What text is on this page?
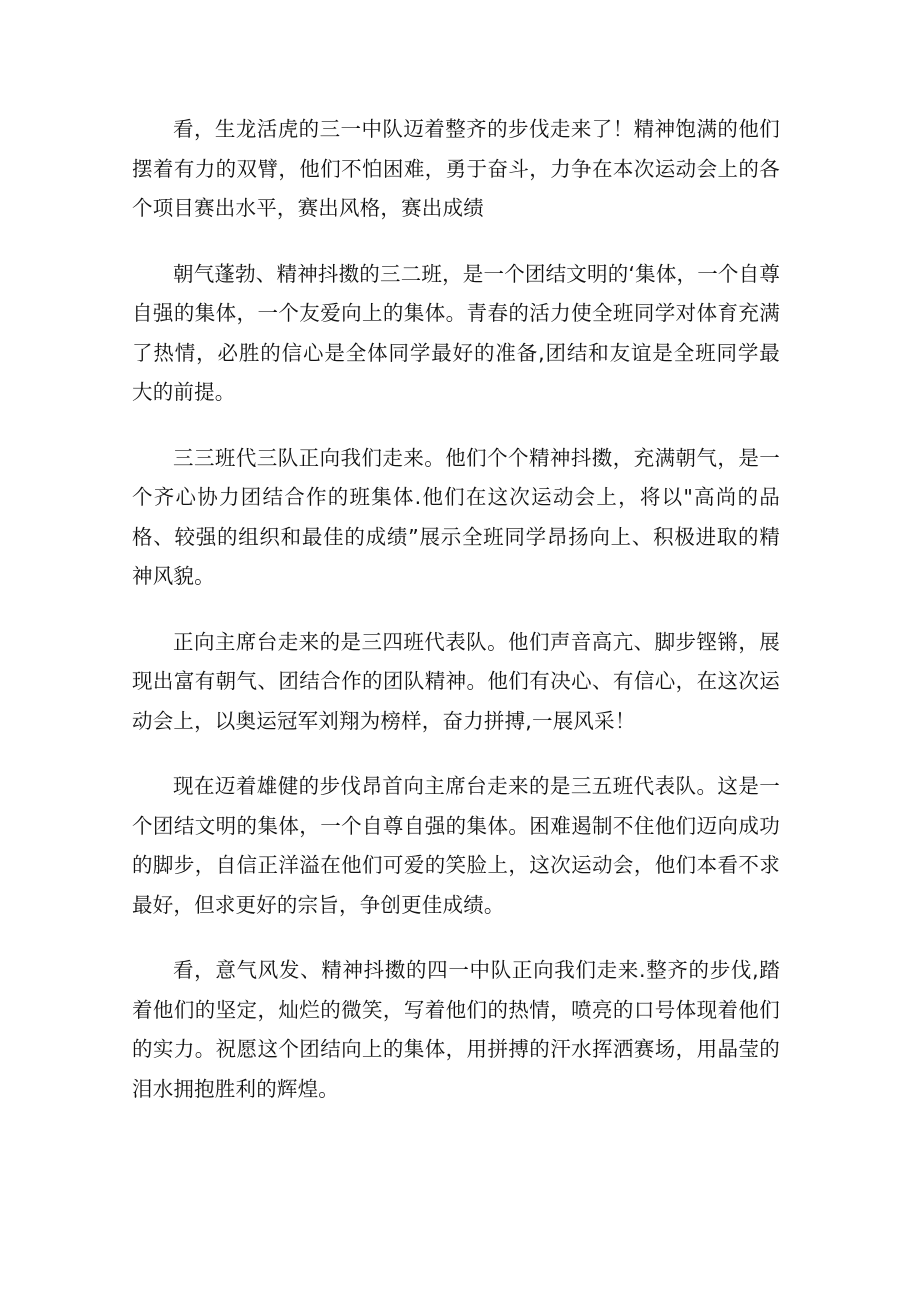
看，生龙活虎的三一中队迈着整齐的步伐走来了！精神饱满的他们摆着有力的双臂，他们不怕困难，勇于奋斗，力争在本次运动会上的各个项目赛出水平，赛出风格，赛出成绩

朝气蓬勃、精神抖擞的三二班，是一个团结文明的‘集体，一个自尊自强的集体，一个友爱向上的集体。青春的活力使全班同学对体育充满了热情，必胜的信心是全体同学最好的准备,团结和友谊是全班同学最大的前提。

三三班代三队正向我们走来。他们个个精神抖擞，充满朝气，是一个齐心协力团结合作的班集体.他们在这次运动会上，将以"高尚的品格、较强的组织和最佳的成绩”展示全班同学昂扬向上、积极进取的精神风貌。

正向主席台走来的是三四班代表队。他们声音高亢、脚步铿锵，展现出富有朝气、团结合作的团队精神。他们有决心、有信心，在这次运动会上，以奥运冠军刘翔为榜样，奋力拼搏,一展风采！

现在迈着雄健的步伐昂首向主席台走来的是三五班代表队。这是一个团结文明的集体，一个自尊自强的集体。困难遏制不住他们迈向成功的脚步，自信正洋溢在他们可爱的笑脸上，这次运动会，他们本看不求最好，但求更好的宗旨，争创更佳成绩。

看，意气风发、精神抖擞的四一中队正向我们走来.整齐的步伐,踏着他们的坚定，灿烂的微笑，写着他们的热情，喷亮的口号体现着他们的实力。祝愿这个团结向上的集体，用拼搏的汗水挥洒赛场，用晶莹的泪水拥抱胜利的辉煌。
